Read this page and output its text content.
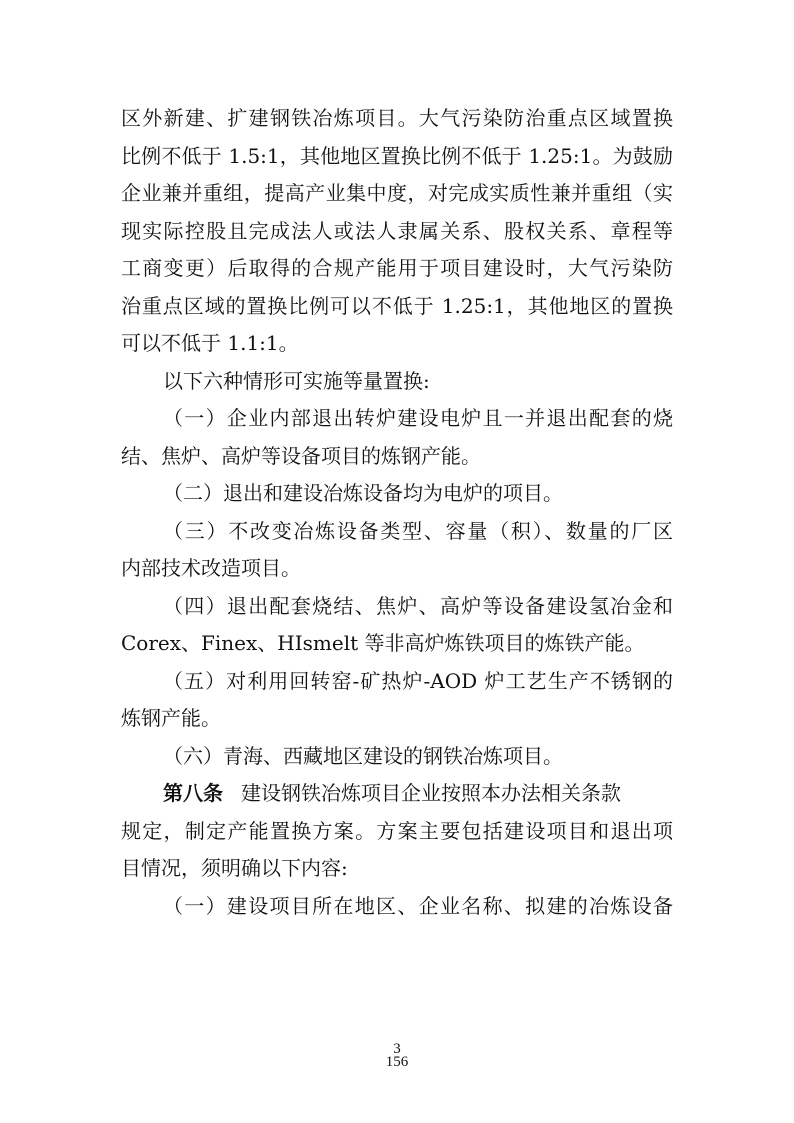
区外新建、扩建钢铁冶炼项目。大气污染防治重点区域置换
比例不低于 1.5:1，其他地区置换比例不低于 1.25:1。为鼓励
企业兼并重组，提高产业集中度，对完成实质性兼并重组（实
现实际控股且完成法人或法人隶属关系、股权关系、章程等
工商变更）后取得的合规产能用于项目建设时，大气污染防
治重点区域的置换比例可以不低于 1.25:1，其他地区的置换
可以不低于 1.1:1。
以下六种情形可实施等量置换:
（一）企业内部退出转炉建设电炉且一并退出配套的烧
结、焦炉、高炉等设备项目的炼钢产能。
（二）退出和建设冶炼设备均为电炉的项目。
（三）不改变冶炼设备类型、容量（积）、数量的厂区
内部技术改造项目。
（四）退出配套烧结、焦炉、高炉等设备建设氢冶金和
Corex、Finex、HIsmelt 等非高炉炼铁项目的炼铁产能。
（五）对利用回转窑-矿热炉-AOD 炉工艺生产不锈钢的
炼钢产能。
（六）青海、西藏地区建设的钢铁冶炼项目。
第八条 建设钢铁冶炼项目企业按照本办法相关条款
规定，制定产能置换方案。方案主要包括建设项目和退出项
目情况，须明确以下内容:
（一）建设项目所在地区、企业名称、拟建的冶炼设备
3
156
